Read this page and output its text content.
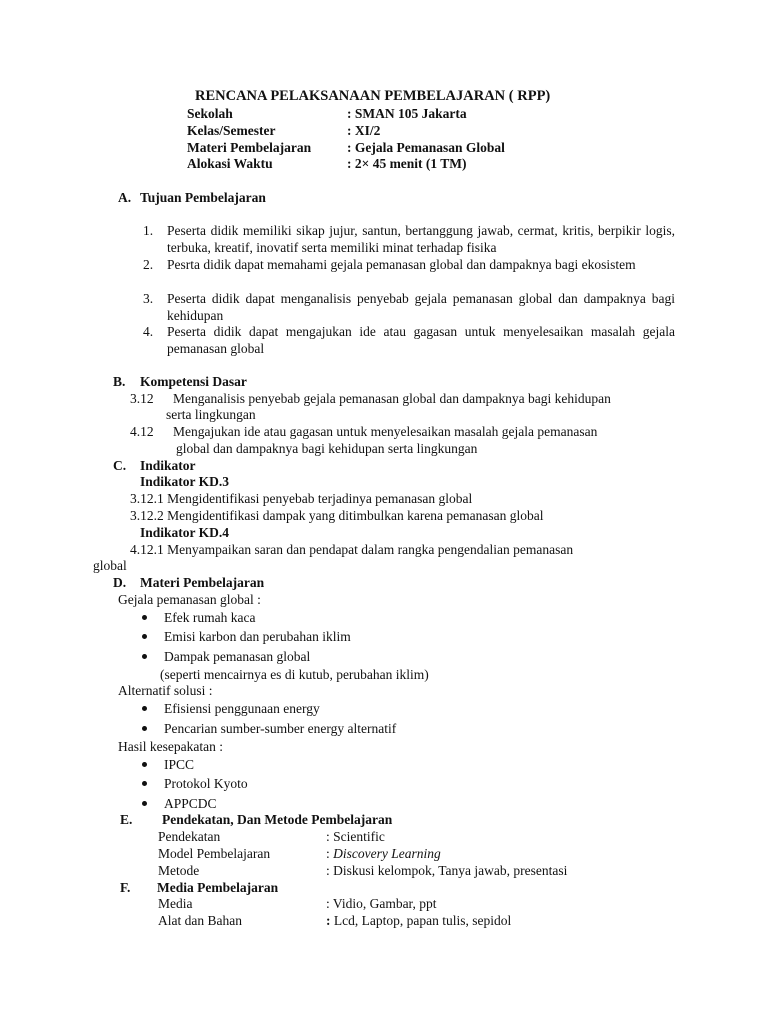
RENCANA PELAKSANAAN PEMBELAJARAN ( RPP)
Sekolah	: SMAN 105 Jakarta
Kelas/Semester	: XI/2
Materi Pembelajaran	: Gejala Pemanasan Global
Alokasi Waktu	: 2× 45 menit (1 TM)
A. Tujuan Pembelajaran
1. Peserta didik memiliki sikap jujur, santun, bertanggung jawab, cermat, kritis, berpikir logis, terbuka, kreatif, inovatif serta memiliki minat terhadap fisika
2. Pesrta didik dapat memahami gejala pemanasan global dan dampaknya bagi ekosistem
3. Peserta didik dapat menganalisis penyebab gejala pemanasan global dan dampaknya bagi kehidupan
4. Peserta didik dapat mengajukan ide atau gagasan untuk menyelesaikan masalah gejala pemanasan global
B. Kompetensi Dasar
3.12 Menganalisis penyebab gejala pemanasan global dan dampaknya bagi kehidupan
serta lingkungan
4.12 Mengajukan ide atau gagasan untuk menyelesaikan masalah gejala pemanasan
global dan dampaknya bagi kehidupan serta lingkungan
C. Indikator
Indikator KD.3
3.12.1 Mengidentifikasi penyebab terjadinya pemanasan global
3.12.2 Mengidentifikasi dampak yang ditimbulkan karena pemanasan global
Indikator KD.4
4.12.1 Menyampaikan saran dan pendapat dalam rangka pengendalian pemanasan
global
D. Materi Pembelajaran
Gejala pemanasan global :
Efek rumah kaca
Emisi karbon dan perubahan iklim
Dampak pemanasan global
(seperti mencairnya es di kutub, perubahan iklim)
Alternatif solusi :
Efisiensi penggunaan energy
Pencarian sumber-sumber energy alternatif
Hasil kesepakatan :
IPCC
Protokol Kyoto
APPCDC
E. Pendekatan, Dan Metode Pembelajaran
Pendekatan	: Scientific
Model Pembelajaran	: Discovery Learning
Metode	: Diskusi kelompok, Tanya jawab, presentasi
F. Media Pembelajaran
Media	: Vidio, Gambar, ppt
Alat dan Bahan	: Lcd, Laptop, papan tulis, sepidol
